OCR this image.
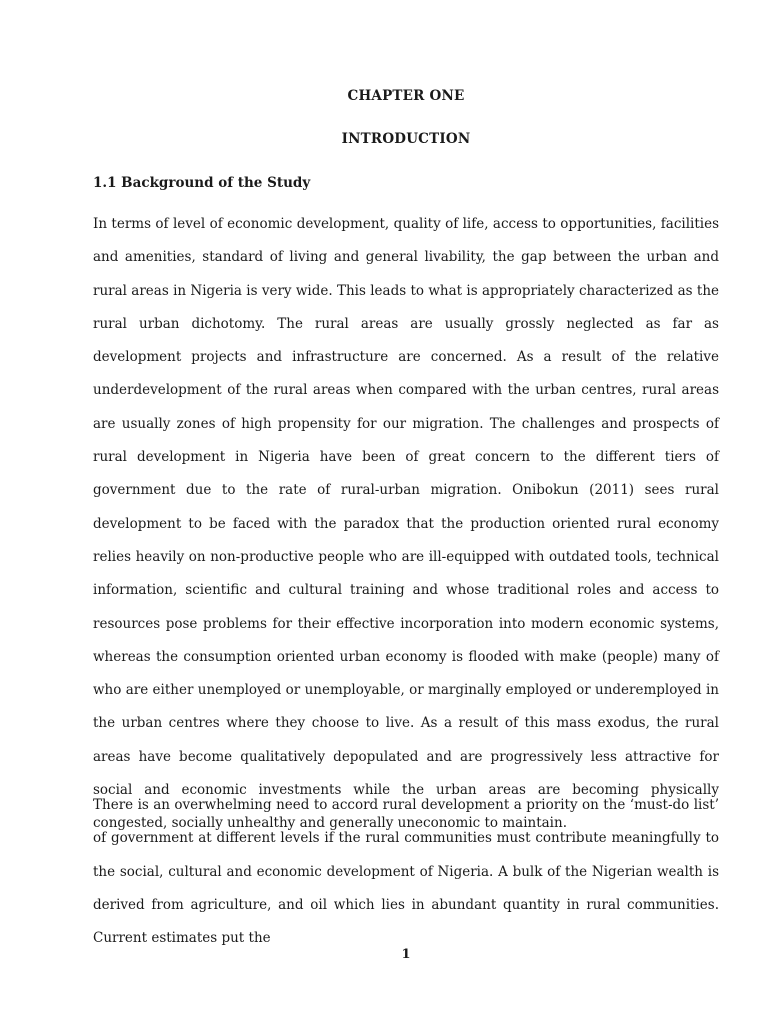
CHAPTER ONE
INTRODUCTION
1.1 Background of the Study

In terms of level of economic development, quality of life, access to opportunities, facilities and amenities, standard of living and general livability, the gap between the urban and rural areas in Nigeria is very wide. This leads to what is appropriately characterized as the rural urban dichotomy. The rural areas are usually grossly neglected as far as development projects and infrastructure are concerned. As a result of the relative underdevelopment of the rural areas when compared with the urban centres, rural areas are usually zones of high propensity for our migration. The challenges and prospects of rural development in Nigeria have been of great concern to the different tiers of government due to the rate of rural-urban migration. Onibokun (2011) sees rural development to be faced with the paradox that the production oriented rural economy relies heavily on non-productive people who are ill-equipped with outdated tools, technical information, scientific and cultural training and whose traditional roles and access to resources pose problems for their effective incorporation into modern economic systems, whereas the consumption oriented urban economy is flooded with make (people) many of who are either unemployed or unemployable, or marginally employed or underemployed in the urban centres where they choose to live. As a result of this mass exodus, the rural areas have become qualitatively depopulated and are progressively less attractive for social and economic investments while the urban areas are becoming physically congested, socially unhealthy and generally uneconomic to maintain.

There is an overwhelming need to accord rural development a priority on the ‘must-do list’ of government at different levels if the rural communities must contribute meaningfully to the social, cultural and economic development of Nigeria. A bulk of the Nigerian wealth is derived from agriculture, and oil which lies in abundant quantity in rural communities. Current estimates put the

1
